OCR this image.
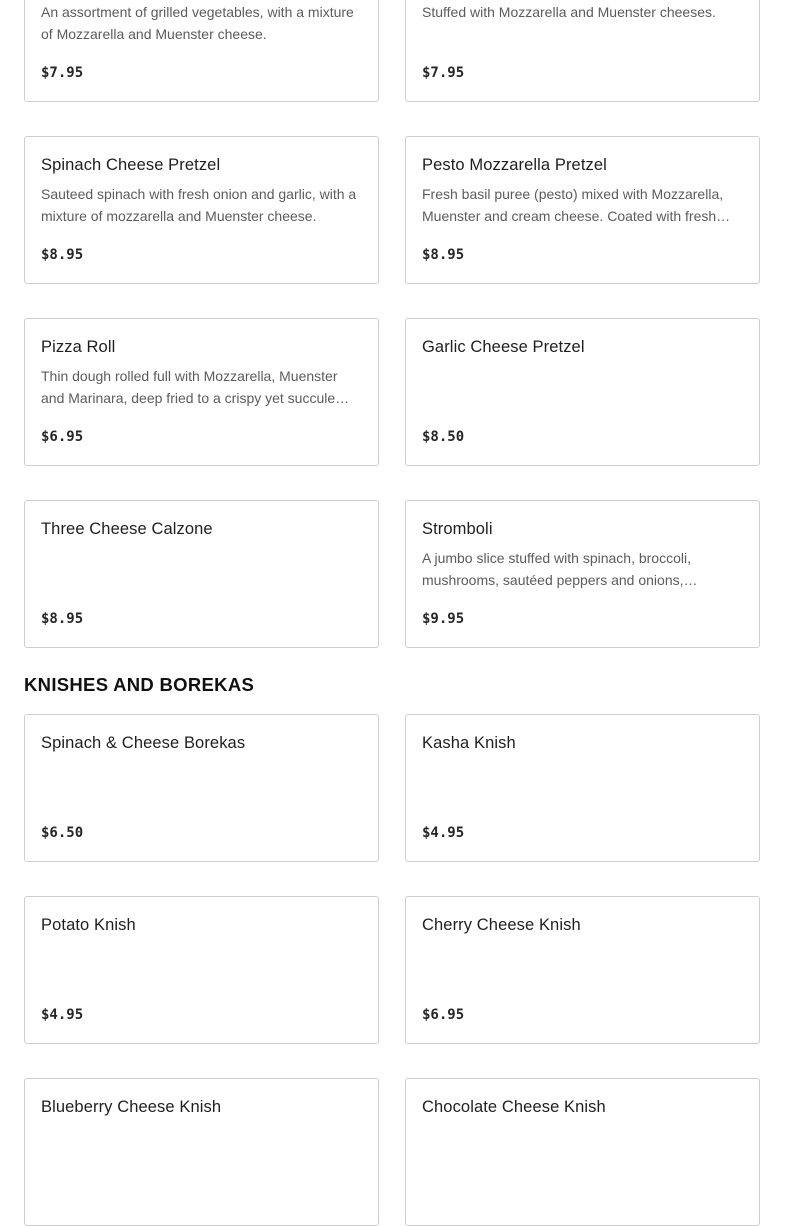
An assortment of grilled vegetables, with a mixture of Mozzarella and Muenster cheese.
$7.95
Stuffed with Mozzarella and Muenster cheeses.
$7.95
Spinach Cheese Pretzel
Sauteed spinach with fresh onion and garlic, with a mixture of mozzarella and Muenster cheese.
$8.95
Pesto Mozzarella Pretzel
Fresh basil puree (pesto) mixed with Mozzarella, Muenster and cream cheese. Coated with fresh…
$8.95
Pizza Roll
Thin dough rolled full with Mozzarella, Muenster and Marinara, deep fried to a crispy yet succule…
$6.95
Garlic Cheese Pretzel
$8.50
Three Cheese Calzone
$8.95
Stromboli
A jumbo slice stuffed with spinach, broccoli, mushrooms, sautéed peppers and onions,…
$9.95
KNISHES AND BOREKAS
Spinach & Cheese Borekas
$6.50
Kasha Knish
$4.95
Potato Knish
$4.95
Cherry Cheese Knish
$6.95
Blueberry Cheese Knish	Chocolate Cheese Knish
